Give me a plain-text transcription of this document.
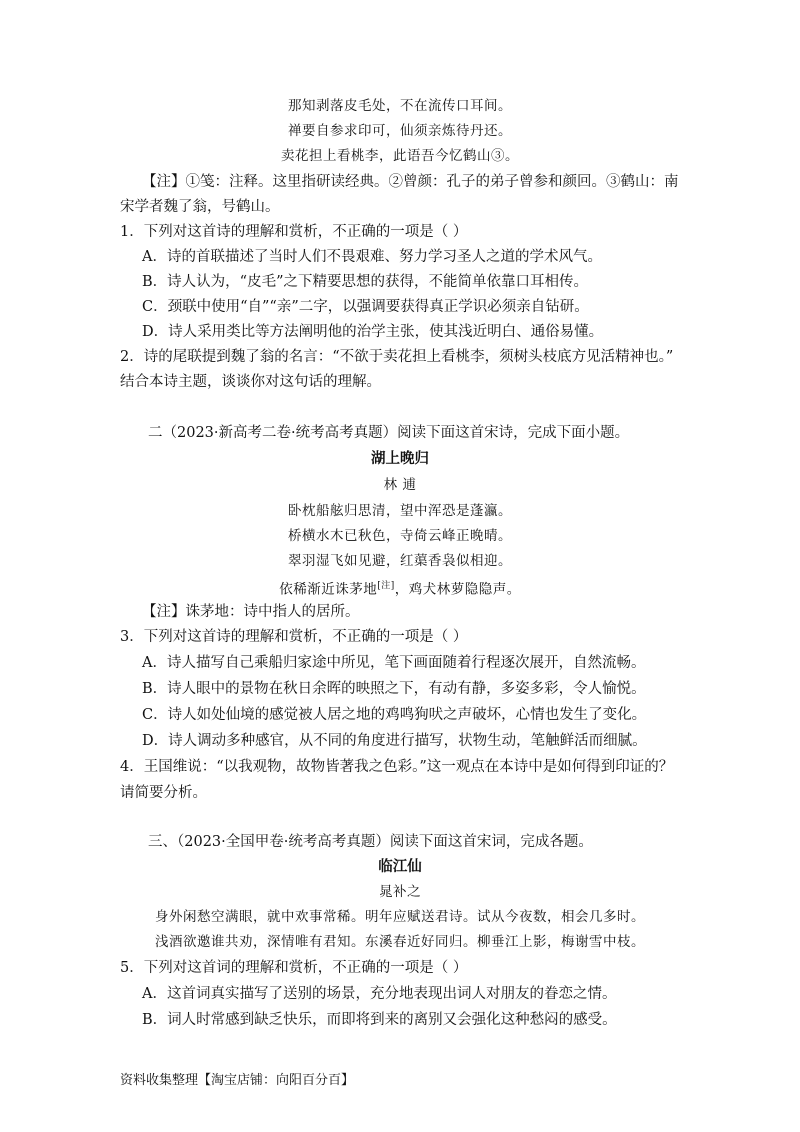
那知剥落皮毛处，不在流传口耳间。
禅要自参求印可，仙须亲炼待丹还。
卖花担上看桃李，此语吾今忆鹤山③。
【注】①笺：注释。这里指研读经典。②曾颜：孔子的弟子曾参和颜回。③鹤山：南
宋学者魏了翁，号鹤山。
1．下列对这首诗的理解和赏析，不正确的一项是（ ）
A．诗的首联描述了当时人们不畏艰难、努力学习圣人之道的学术风气。
B．诗人认为，“皮毛”之下精要思想的获得，不能简单依靠口耳相传。
C．颈联中使用“自”“亲”二字，以强调要获得真正学识必须亲自钻研。
D．诗人采用类比等方法阐明他的治学主张，使其浅近明白、通俗易懂。
2．诗的尾联提到魏了翁的名言：“不欲于卖花担上看桃李，须树头枝底方见活精神也。”
结合本诗主题，谈谈你对这句话的理解。
二（2023·新高考二卷·统考高考真题）阅读下面这首宋诗，完成下面小题。
湖上晚归
林 逋
卧枕船舷归思清，望中浑恐是蓬瀛。
桥横水木已秋色，寺倚云峰正晚晴。
翠羽湿飞如见避，红蕖香袅似相迎。
依稀渐近诛茅地[注]，鸡犬林萝隐隐声。
【注】诛茅地：诗中指人的居所。
3．下列对这首诗的理解和赏析，不正确的一项是（ ）
A．诗人描写自己乘船归家途中所见，笔下画面随着行程逐次展开，自然流畅。
B．诗人眼中的景物在秋日余晖的映照之下，有动有静，多姿多彩，令人愉悦。
C．诗人如处仙境的感觉被人居之地的鸡鸣狗吠之声破坏，心情也发生了变化。
D．诗人调动多种感官，从不同的角度进行描写，状物生动，笔触鲜活而细腻。
4．王国维说：“以我观物，故物皆著我之色彩。”这一观点在本诗中是如何得到印证的？
请简要分析。
三、（2023·全国甲卷·统考高考真题）阅读下面这首宋词，完成各题。
临江仙
晁补之
身外闲愁空满眼，就中欢事常稀。明年应赋送君诗。试从今夜数，相会几多时。
浅酒欲邀谁共劝，深情唯有君知。东溪春近好同归。柳垂江上影，梅谢雪中枝。
5．下列对这首词的理解和赏析，不正确的一项是（ ）
A．这首词真实描写了送别的场景，充分地表现出词人对朋友的眷恋之情。
B．词人时常感到缺乏快乐，而即将到来的离别又会强化这种愁闷的感受。
资料收集整理【淘宝店铺：向阳百分百】
